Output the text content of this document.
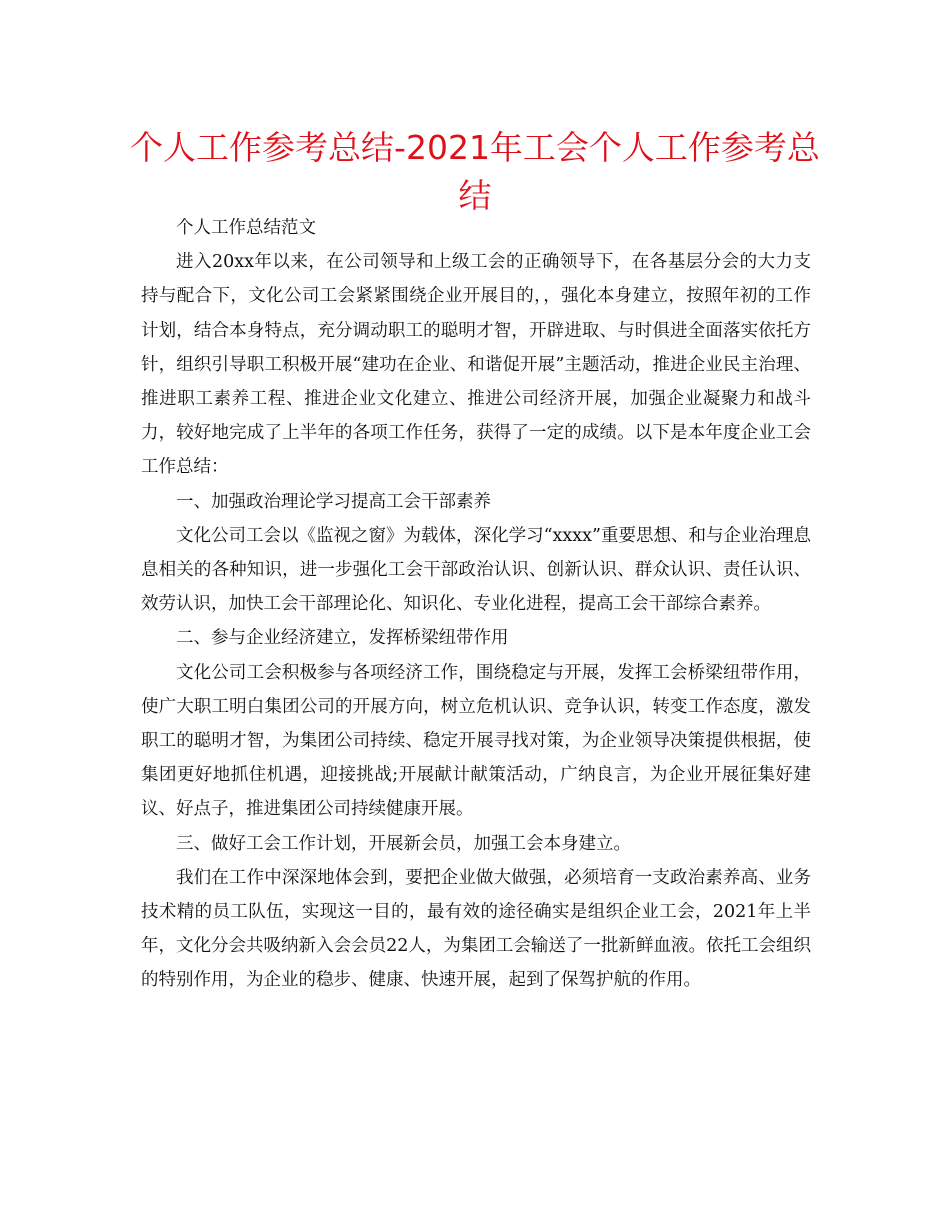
个人工作参考总结-2021年工会个人工作参考总结

个人工作总结范文

进入20xx年以来，在公司领导和上级工会的正确领导下，在各基层分会的大力支持与配合下，文化公司工会紧紧围绕企业开展目的，，强化本身建立，按照年初的工作计划，结合本身特点，充分调动职工的聪明才智，开辟进取、与时俱进全面落实依托方针，组织引导职工积极开展“建功在企业、和谐促开展”主题活动，推进企业民主治理、推进职工素养工程、推进企业文化建立、推进公司经济开展，加强企业凝聚力和战斗力，较好地完成了上半年的各项工作任务，获得了一定的成绩。以下是本年度企业工会工作总结：

一、加强政治理论学习提高工会干部素养

文化公司工会以《监视之窗》为载体，深化学习“xxxx”重要思想、和与企业治理息息相关的各种知识，进一步强化工会干部政治认识、创新认识、群众认识、责任认识、效劳认识，加快工会干部理论化、知识化、专业化进程，提高工会干部综合素养。

二、参与企业经济建立，发挥桥梁纽带作用

文化公司工会积极参与各项经济工作，围绕稳定与开展，发挥工会桥梁纽带作用，使广大职工明白集团公司的开展方向，树立危机认识、竞争认识，转变工作态度，激发职工的聪明才智，为集团公司持续、稳定开展寻找对策，为企业领导决策提供根据，使集团更好地抓住机遇，迎接挑战;开展献计献策活动，广纳良言，为企业开展征集好建议、好点子，推进集团公司持续健康开展。

三、做好工会工作计划，开展新会员，加强工会本身建立。

我们在工作中深深地体会到，要把企业做大做强，必须培育一支政治素养高、业务技术精的员工队伍，实现这一目的，最有效的途径确实是组织企业工会，2021年上半年，文化分会共吸纳新入会会员22人，为集团工会输送了一批新鲜血液。依托工会组织的特别作用，为企业的稳步、健康、快速开展，起到了保驾护航的作用。
